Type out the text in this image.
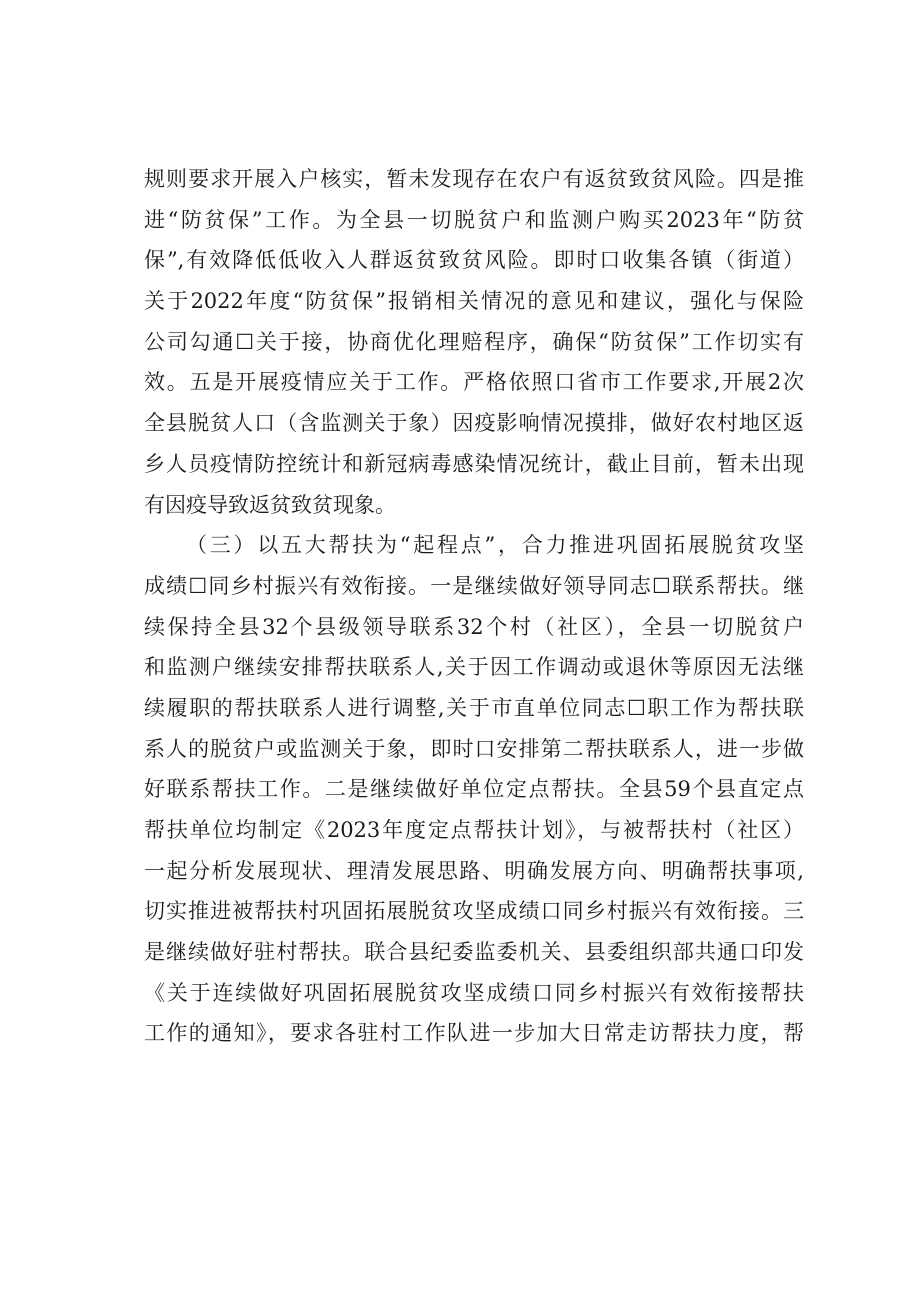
规则要求开展入户核实，暂未发现存在农户有返贫致贫风险。四是推
进“防贫保”工作。为全县一切脱贫户和监测户购买2023年“防贫
保”,有效降低低收入人群返贫致贫风险。即时口收集各镇（街道）
关于2022年度“防贫保”报销相关情况的意见和建议，强化与保险
公司勾通☐关于接，协商优化理赔程序，确保“防贫保”工作切实有
效。五是开展疫情应关于工作。严格依照口省市工作要求,开展2次
全县脱贫人口（含监测关于象）因疫影响情况摸排，做好农村地区返
乡人员疫情防控统计和新冠病毒感染情况统计，截止目前，暂未出现
有因疫导致返贫致贫现象。
（三）以五大帮扶为“起程点”，合力推进巩固拓展脱贫攻坚
成绩☐同乡村振兴有效衔接。一是继续做好领导同志☐联系帮扶。继
续保持全县32个县级领导联系32个村（社区），全县一切脱贫户
和监测户继续安排帮扶联系人,关于因工作调动或退休等原因无法继
续履职的帮扶联系人进行调整,关于市直单位同志☐职工作为帮扶联
系人的脱贫户或监测关于象，即时口安排第二帮扶联系人，进一步做
好联系帮扶工作。二是继续做好单位定点帮扶。全县59个县直定点
帮扶单位均制定《2023年度定点帮扶计划》，与被帮扶村（社区）
一起分析发展现状、理清发展思路、明确发展方向、明确帮扶事项,
切实推进被帮扶村巩固拓展脱贫攻坚成绩口同乡村振兴有效衔接。三
是继续做好驻村帮扶。联合县纪委监委机关、县委组织部共通口印发
《关于连续做好巩固拓展脱贫攻坚成绩口同乡村振兴有效衔接帮扶
工作的通知》，要求各驻村工作队进一步加大日常走访帮扶力度，帮
